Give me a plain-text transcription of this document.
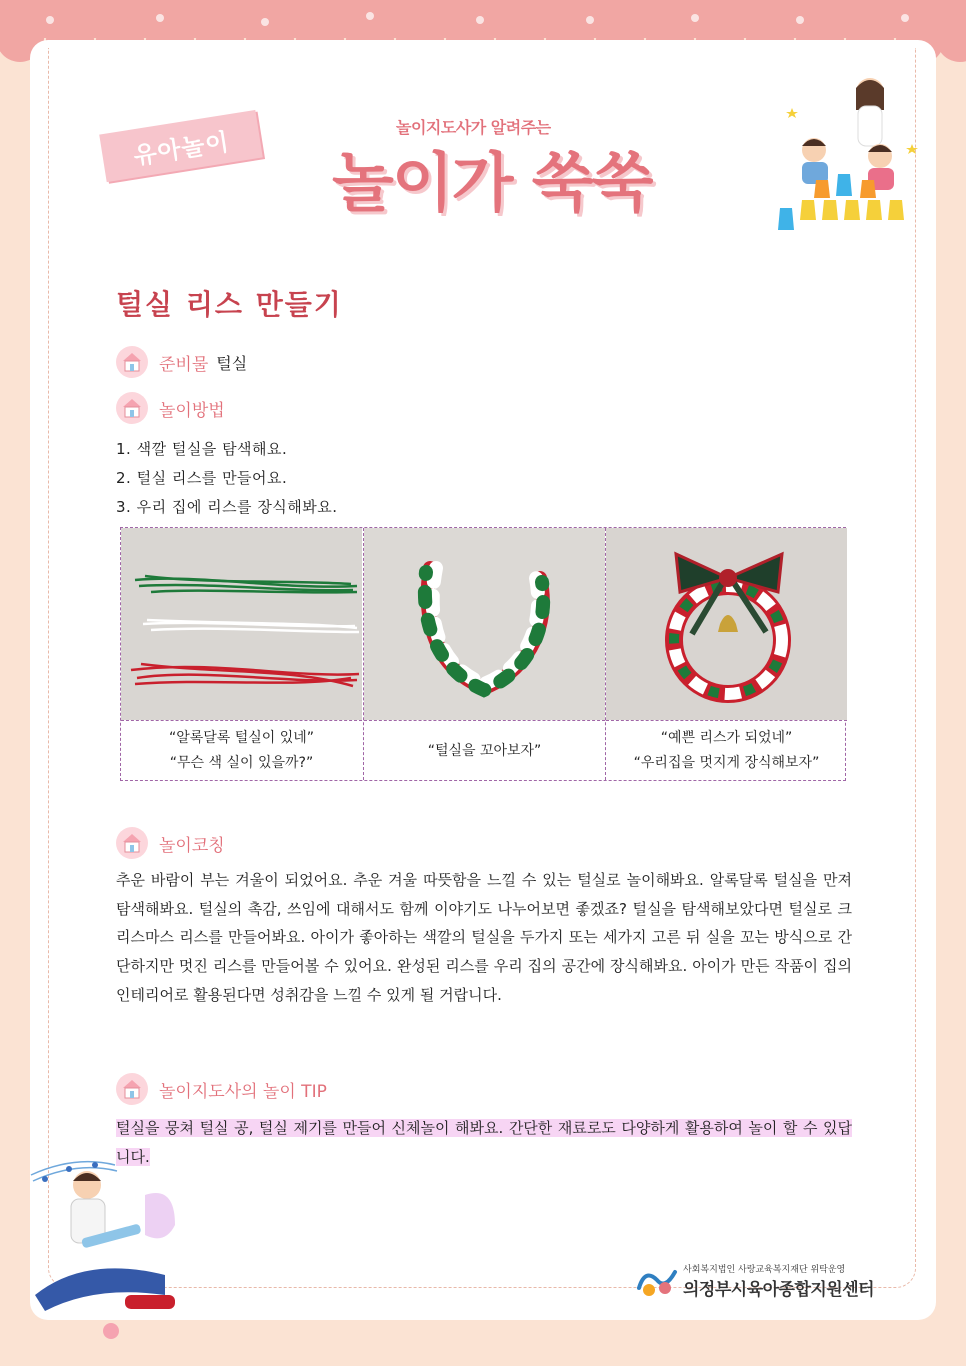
유아놀이	놀이지도사가 알려주는
놀이가 쑥쑥
털실 리스 만들기
준비물 털실
놀이방법
1. 색깔 털실을 탐색해요.
2. 털실 리스를 만들어요.
3. 우리 집에 리스를 장식해봐요.
“알록달록 털실이 있네”
“무슨 색 실이 있을까?”
“털실을 꼬아보자”
“예쁜 리스가 되었네”
“우리집을 멋지게 장식해보자”
놀이코칭
추운 바람이 부는 겨울이 되었어요. 추운 겨울 따뜻함을 느낄 수 있는 털실로 놀이해봐요. 알록달록 털실을 만져 탐색해봐요. 털실의 촉감, 쓰임에 대해서도 함께 이야기도 나누어보면 좋겠죠? 털실을 탐색해보았다면 털실로 크리스마스 리스를 만들어봐요. 아이가 좋아하는 색깔의 털실을 두가지 또는 세가지 고른 뒤 실을 꼬는 방식으로 간단하지만 멋진 리스를 만들어볼 수 있어요. 완성된 리스를 우리 집의 공간에 장식해봐요. 아이가 만든 작품이 집의 인테리어로 활용된다면 성취감을 느낄 수 있게 될 거랍니다.
놀이지도사의 놀이 TIP
털실을 뭉쳐 털실 공, 털실 제기를 만들어 신체놀이 해봐요. 간단한 재료로도 다양하게 활용하여 놀이 할 수 있답니다.
사회복지법인 사랑교육복지재단 위탁운영
의정부시육아종합지원센터
